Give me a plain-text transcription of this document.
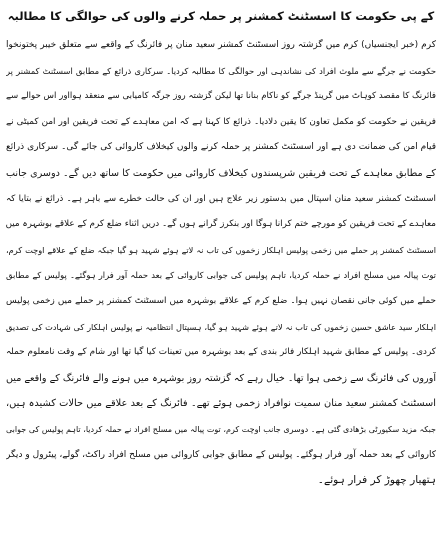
کے پی حکومت کا اسسٹنٹ کمشنر پر حملہ کرنے والوں کی حوالگی کا مطالبہ
کرم (خبر ایجنسیاں) کرم میں گزشتہ روز اسسٹنٹ کمشنر سعید منان پر فائرنگ کے واقعے سے متعلق خیبر پختونخوا
حکومت نے جرگے سے ملوث افراد کی نشاندہی اور حوالگی کا مطالبہ کردیا۔ سرکاری ذرائع کے مطابق اسسٹنٹ کمشنر پر
فائرنگ کا مقصد کوہاٹ میں گرینڈ جرگے کو ناکام بنانا تھا لیکن گزشتہ روز جرگہ کامیابی سے منعقد ہوااور اس حوالے سے
فریقین نے حکومت کو مکمل تعاون کا یقین دلادیا۔ ذرائع کا کہنا ہے کہ امن معاہدے کے تحت فریقین اور امن کمیٹی نے
قیام امن کی ضمانت دی ہے اور اسسٹنٹ کمشنر پر حملہ کرنے والوں کیخلاف کاروائی کی جائے گی۔ سرکاری ذرائع
کے مطابق معاہدے کے تحت فریقین شرپسندوں کیخلاف کاروائی میں حکومت کا ساتھ دیں گے۔ دوسری جانب
اسسٹنٹ کمشنر سعید منان اسپتال میں بدستور زیر علاج ہیں اور ان کی حالت خطرے سے باہر ہے۔ ذرائع نے بتایا کہ
معاہدے کے تحت فریقین کو مورچے ختم کرانا ہوگا اور بنکرز گرانے ہوں گے۔ دریں اثناء ضلع کرم کے علاقے بوشہرہ میں
اسسٹنٹ کمشنر پر حملے میں زخمی پولیس اہلکار زخموں کی تاب نہ لاتے ہوئے شہید ہو گیا جبکہ ضلع کے علاقے اوچت کرم،
توت پیالہ میں مسلح افراد نے حملہ کردیا، تاہم پولیس کی جوابی کاروائی کے بعد حملہ آور فرار ہوگئے۔ پولیس کے مطابق
حملے میں کوئی جانی نقصان نہیں ہوا۔ ضلع کرم کے علاقے بوشہرہ میں اسسٹنٹ کمشنر پر حملے میں زخمی پولیس
اہلکار سید عاشق حسین زخموں کی تاب نہ لاتے ہوئے شہید ہو گیا، ہسپتال انتظامیہ نے پولیس اہلکار کی شہادت کی تصدیق
کردی۔ پولیس کے مطابق شہید اہلکار فائر بندی کے بعد بوشہرہ میں تعینات کیا گیا تھا اور شام کے وقت نامعلوم حملہ
آوروں کی فائرنگ سے زخمی ہوا تھا۔ خیال رہے کہ گزشتہ روز بوشہرہ میں ہونے والے فائرنگ کے واقعے میں
اسسٹنٹ کمشنر سعید منان سمیت نوافراد زخمی ہوئے تھے۔ فائرنگ کے بعد علاقے میں حالات کشیدہ ہیں،
جبکہ مزید سکیورٹی بڑھادی گئی ہے۔ دوسری جانب اوچت کرم، توت پیالہ میں مسلح افراد نے حملہ کردیا، تاہم پولیس کی جوابی
کاروائی کے بعد حملہ آور فرار ہوگئے۔ پولیس کے مطابق جوابی کاروائی میں مسلح افراد راکٹ، گولے، پیٹرول و دیگر
ہتھیار چھوڑ کر فرار ہوئے۔
